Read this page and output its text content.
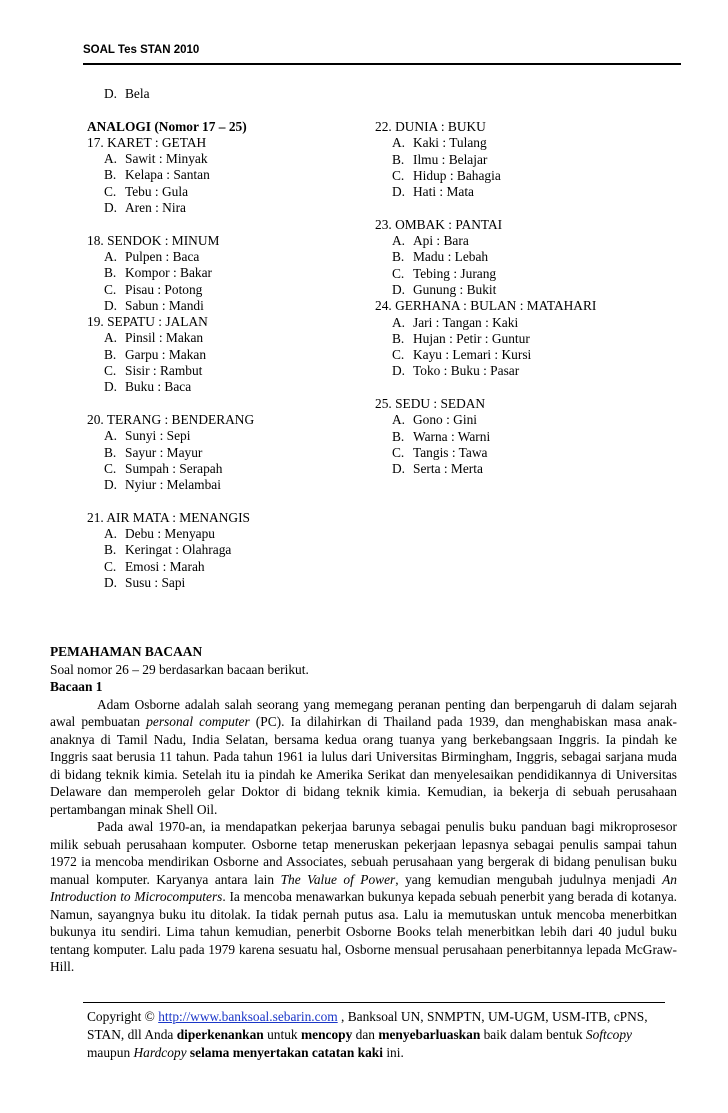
SOAL Tes STAN 2010
D. Bela
ANALOGI (Nomor 17 – 25)
17. KARET : GETAH
A. Sawit : Minyak
B. Kelapa : Santan
C. Tebu : Gula
D. Aren : Nira
18. SENDOK : MINUM
A. Pulpen : Baca
B. Kompor : Bakar
C. Pisau : Potong
D. Sabun : Mandi
19. SEPATU : JALAN
A. Pinsil : Makan
B. Garpu : Makan
C. Sisir : Rambut
D. Buku : Baca
20. TERANG : BENDERANG
A. Sunyi : Sepi
B. Sayur : Mayur
C. Sumpah : Serapah
D. Nyiur : Melambai
21. AIR MATA : MENANGIS
A. Debu : Menyapu
B. Keringat : Olahraga
C. Emosi : Marah
D. Susu : Sapi
22. DUNIA : BUKU
A. Kaki : Tulang
B. Ilmu : Belajar
C. Hidup : Bahagia
D. Hati : Mata
23. OMBAK : PANTAI
A. Api : Bara
B. Madu : Lebah
C. Tebing : Jurang
D. Gunung : Bukit
24. GERHANA : BULAN : MATAHARI
A. Jari : Tangan : Kaki
B. Hujan : Petir : Guntur
C. Kayu : Lemari : Kursi
D. Toko : Buku : Pasar
25. SEDU : SEDAN
A. Gono : Gini
B. Warna : Warni
C. Tangis : Tawa
D. Serta : Merta
PEMAHAMAN BACAAN
Soal nomor 26 – 29 berdasarkan bacaan berikut.
Bacaan 1

Adam Osborne adalah salah seorang yang memegang peranan penting dan berpengaruh di dalam sejarah awal pembuatan personal computer (PC). Ia dilahirkan di Thailand pada 1939, dan menghabiskan masa anak-anaknya di Tamil Nadu, India Selatan, bersama kedua orang tuanya yang berkebangsaan Inggris. Ia pindah ke Inggris saat berusia 11 tahun. Pada tahun 1961 ia lulus dari Universitas Birmingham, Inggris, sebagai sarjana muda di bidang teknik kimia. Setelah itu ia pindah ke Amerika Serikat dan menyelesaikan pendidikannya di Universitas Delaware dan memperoleh gelar Doktor di bidang teknik kimia. Kemudian, ia bekerja di sebuah perusahaan pertambangan minak Shell Oil.

Pada awal 1970-an, ia mendapatkan pekerjaa barunya sebagai penulis buku panduan bagi mikroprosesor milik sebuah perusahaan komputer. Osborne tetap meneruskan pekerjaan lepasnya sebagai penulis sampai tahun 1972 ia mencoba mendirikan Osborne and Associates, sebuah perusahaan yang bergerak di bidang penulisan buku manual komputer. Karyanya antara lain The Value of Power, yang kemudian mengubah judulnya menjadi An Introduction to Microcomputers. Ia mencoba menawarkan bukunya kepada sebuah penerbit yang berada di kotanya. Namun, sayangnya buku itu ditolak. Ia tidak pernah putus asa. Lalu ia memutuskan untuk mencoba menerbitkan bukunya itu sendiri. Lima tahun kemudian, penerbit Osborne Books telah menerbitkan lebih dari 40 judul buku tentang komputer. Lalu pada 1979 karena sesuatu hal, Osborne mensual perusahaan penerbitannya lepada McGraw-Hill.

Copyright © http://www.banksoal.sebarin.com , Banksoal UN, SNMPTN, UM-UGM, USM-ITB, cPNS, STAN, dll Anda diperkenankan untuk mencopy dan menyebarluaskan baik dalam bentuk Softcopy maupun Hardcopy selama menyertakan catatan kaki ini.
